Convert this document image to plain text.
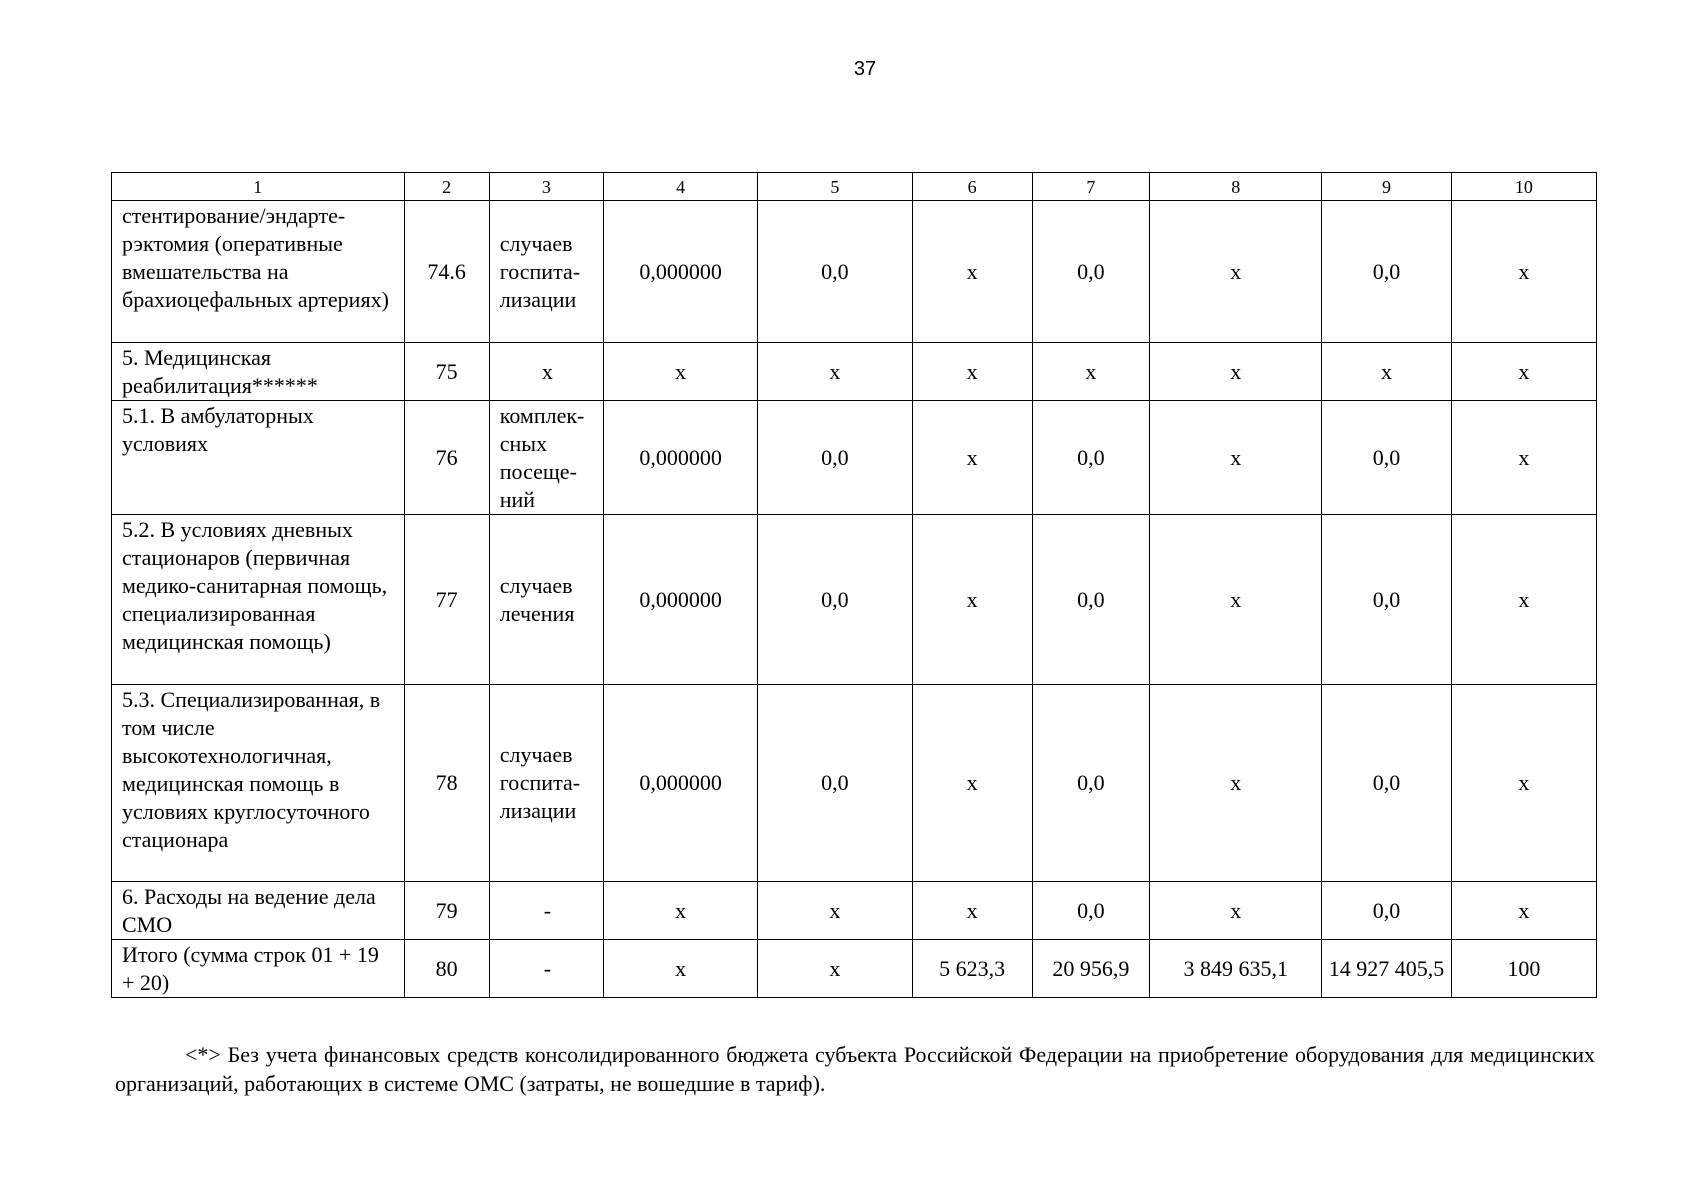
37
1	2	3	4	5	6	7	8	9	10
стентирование/эндарте-рэктомия (оперативные вмешательства на брахиоцефальных артериях)	74.6	случаев госпита-лизации	0,000000	0,0	х	0,0	х	0,0	х
5. Медицинская реабилитация******	75	х	х	х	х	х	х	х	х
5.1. В амбулаторных условиях	76	комплек-сных посеще-ний	0,000000	0,0	х	0,0	х	0,0	х
5.2. В условиях дневных стационаров (первичная медико-санитарная помощь, специализированная медицинская помощь)	77	случаев лечения	0,000000	0,0	х	0,0	х	0,0	х
5.3. Специализированная, в том числе высокотехнологичная, медицинская помощь в условиях круглосуточного стационара	78	случаев госпита-лизации	0,000000	0,0	х	0,0	х	0,0	х
6. Расходы на ведение дела СМО	79	-	х	х	х	0,0	х	0,0	х
Итого (сумма строк 01 + 19 + 20)	80	-	х	х	5 623,3	20 956,9	3 849 635,1	14 927 405,5	100
<*> Без учета финансовых средств консолидированного бюджета субъекта Российской Федерации на приобретение оборудования для медицинских организаций, работающих в системе ОМС (затраты, не вошедшие в тариф).
